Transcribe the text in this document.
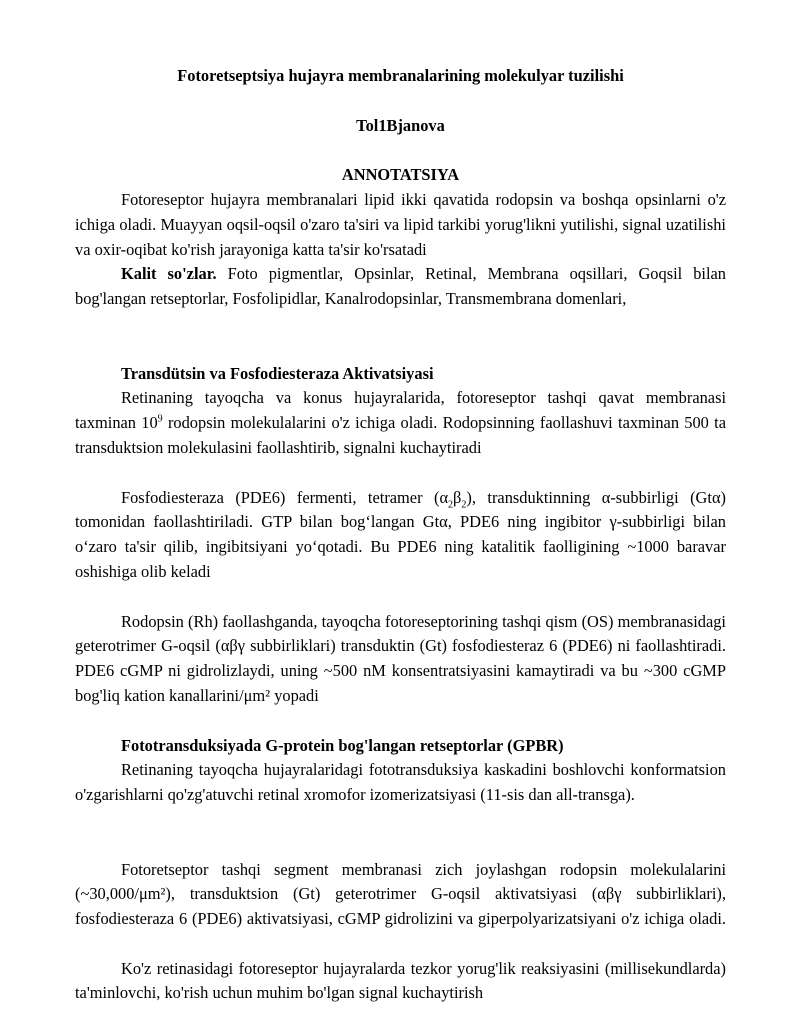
Fotoretseptsiya hujayra membranalarining molekulyar tuzilishi

Tol1Bjanova

ANNOTATSIYA

Fotoreseptor hujayra membranalari lipid ikki qavatida rodopsin va boshqa opsinlarni o'z ichiga oladi. Muayyan oqsil-oqsil o'zaro ta'siri va lipid tarkibi yorug'likni yutilishi, signal uzatilishi va oxir-oqibat ko'rish jarayoniga katta ta'sir ko'rsatadi

Kalit so'zlar. Foto pigmentlar, Opsinlar, Retinal, Membrana oqsillari, Goqsil bilan bog'langan retseptorlar, Fosfolipidlar, Kanalrodopsinlar, Transmembrana domenlari,

Transdütsin va Fosfodiesteraza Aktivatsiyasi

Retinaning tayoqcha va konus hujayralarida, fotoreseptor tashqi qavat membranasi taxminan $10^9$ rodopsin molekulalarini o'z ichiga oladi. Rodopsinning faollashuvi taxminan 500 ta transduktsion molekulasini faollashtirib, signalni kuchaytiradi

Fosfodiesteraza (PDE6) fermenti, tetramer $(\alpha_2\beta_2)$, transduktinning α-subbirligi (Gtα) tomonidan faollashtiriladi. GTP bilan bog‘langan Gtα, PDE6 ning ingibitor γ-subbirligi bilan o‘zaro ta'sir qilib, ingibitsiyani yo‘qotadi. Bu PDE6 ning katalitik faolligining ~1000 baravar oshishiga olib keladi

Rodopsin (Rh) faollashganda, tayoqcha fotoreseptorining tashqi qism (OS) membranasidagi geterotrimer G-oqsil (αβγ subbirliklari) transduktin (Gt) fosfodiesteraz 6 (PDE6) ni faollashtiradi. PDE6 cGMP ni gidrolizlaydi, uning ~500 nM konsentratsiyasini kamaytiradi va bu ~300 cGMP bog'liq kation kanallarini/μm² yopadi

Fototransduksiyada G-protein bog'langan retseptorlar (GPBR)

Retinaning tayoqcha hujayralaridagi fototransduksiya kaskadini boshlovchi konformatsion o'zgarishlarni qo'zg'atuvchi retinal xromofor izomerizatsiyasi (11-sis dan all-transga).

Fotoretseptor tashqi segment membranasi zich joylashgan rodopsin molekulalarini (~30,000/μm²), transduktsion (Gt) geterotrimer G-oqsil aktivatsiyasi (αβγ subbirliklari), fosfodiesteraza 6 (PDE6) aktivatsiyasi, cGMP gidrolizini va giperpolyarizatsiyani o'z ichiga oladi.

Ko'z retinasidagi fotoreseptor hujayralarda tezkor yorug'lik reaksiyasini (millisekundlarda) ta'minlovchi, ko'rish uchun muhim bo'lgan signal kuchaytirish
